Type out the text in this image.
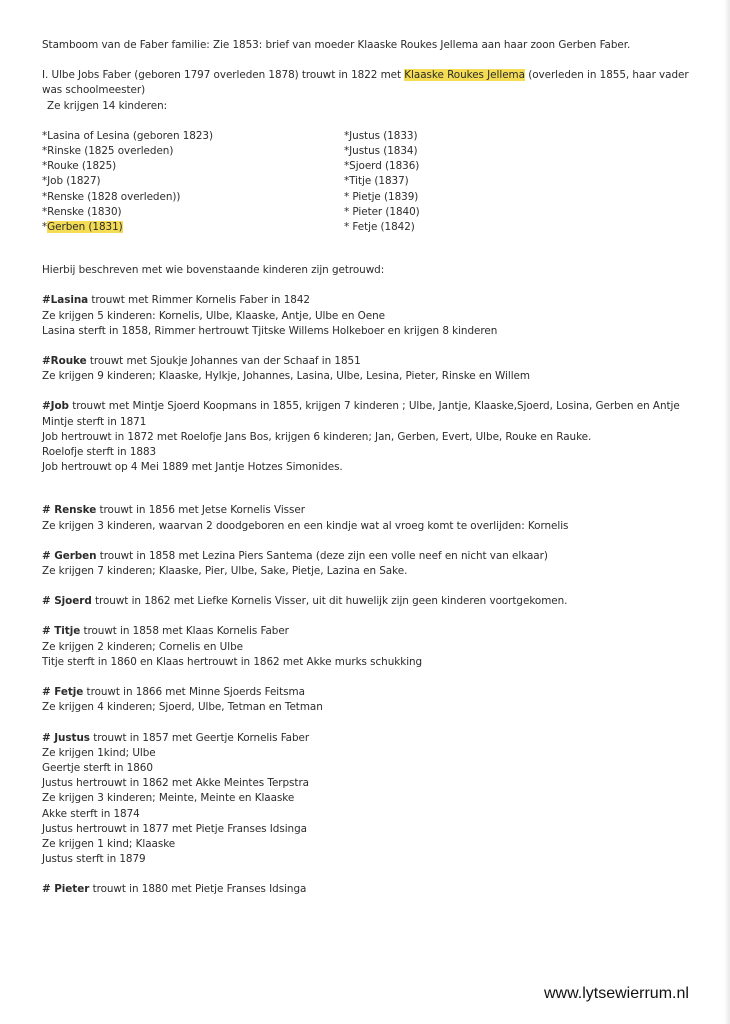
Stamboom van de Faber familie: Zie 1853: brief van moeder Klaaske Roukes Jellema aan haar zoon Gerben Faber.
I. Ulbe Jobs Faber (geboren 1797 overleden 1878) trouwt in 1822 met Klaaske Roukes Jellema (overleden in 1855, haar vader
was schoolmeester)
Ze krijgen 14 kinderen:
*Lasina of Lesina (geboren 1823)
*Rinske (1825 overleden)
*Rouke (1825)
*Job (1827)
*Renske (1828 overleden))
*Renske (1830)
*Gerben (1831)
*Justus (1833)
*Justus (1834)
*Sjoerd (1836)
*Titje (1837)
* Pietje (1839)
* Pieter (1840)
* Fetje (1842)
Hierbij beschreven met wie bovenstaande kinderen zijn getrouwd:
#Lasina trouwt met Rimmer Kornelis Faber in 1842
Ze krijgen 5 kinderen: Kornelis, Ulbe, Klaaske, Antje, Ulbe en Oene
Lasina sterft in 1858, Rimmer hertrouwt Tjitske Willems Holkeboer en krijgen 8 kinderen
#Rouke trouwt met Sjoukje Johannes van der Schaaf in 1851
Ze krijgen 9 kinderen; Klaaske, Hylkje, Johannes, Lasina, Ulbe, Lesina, Pieter, Rinske en Willem
#Job trouwt met Mintje Sjoerd Koopmans in 1855, krijgen 7 kinderen ; Ulbe, Jantje, Klaaske,Sjoerd, Losina, Gerben en Antje
Mintje sterft in 1871
Job hertrouwt in 1872 met Roelofje Jans Bos, krijgen 6 kinderen; Jan, Gerben, Evert, Ulbe, Rouke en Rauke.
Roelofje sterft in 1883
Job hertrouwt op 4 Mei 1889 met Jantje Hotzes Simonides.
# Renske trouwt in 1856 met Jetse Kornelis Visser
Ze krijgen 3 kinderen, waarvan 2 doodgeboren en een kindje wat al vroeg komt te overlijden: Kornelis
# Gerben trouwt in 1858 met Lezina Piers Santema (deze zijn een volle neef en nicht van elkaar)
Ze krijgen 7 kinderen; Klaaske, Pier, Ulbe, Sake, Pietje, Lazina en Sake.
# Sjoerd trouwt in 1862 met Liefke Kornelis Visser, uit dit huwelijk zijn geen kinderen voortgekomen.
# Titje trouwt in 1858 met Klaas Kornelis Faber
Ze krijgen 2 kinderen; Cornelis en Ulbe
Titje sterft in 1860 en Klaas hertrouwt in 1862 met Akke murks schukking
# Fetje trouwt in 1866 met Minne Sjoerds Feitsma
Ze krijgen 4 kinderen; Sjoerd, Ulbe, Tetman en Tetman
# Justus trouwt in 1857 met Geertje Kornelis Faber
Ze krijgen 1kind; Ulbe
Geertje sterft in 1860
Justus hertrouwt in 1862 met Akke Meintes Terpstra
Ze krijgen 3 kinderen; Meinte, Meinte en Klaaske
Akke sterft in 1874
Justus hertrouwt in 1877 met Pietje Franses Idsinga
Ze krijgen 1 kind; Klaaske
Justus sterft in 1879
# Pieter trouwt in 1880 met Pietje Franses Idsinga
www.lytsewierrum.nl
